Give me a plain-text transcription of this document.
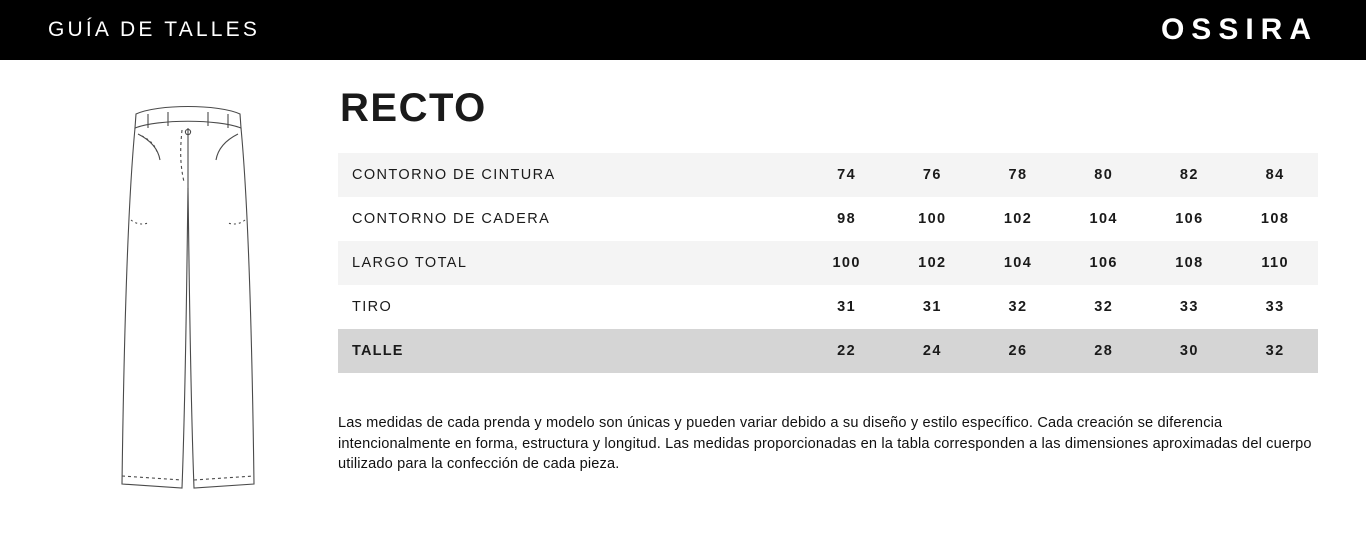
GUÍA DE TALLES	OSSIRA
RECTO
CONTORNO DE CINTURA	74	76	78	80	82	84
CONTORNO DE CADERA	98	100	102	104	106	108
LARGO TOTAL	100	102	104	106	108	110
TIRO	31	31	32	32	33	33
TALLE	22	24	26	28	30	32

Las medidas de cada prenda y modelo son únicas y pueden variar debido a su diseño y estilo específico. Cada creación se diferencia intencionalmente en forma, estructura y longitud. Las medidas proporcionadas en la tabla corresponden a las dimensiones aproximadas del cuerpo utilizado para la confección de cada pieza.
